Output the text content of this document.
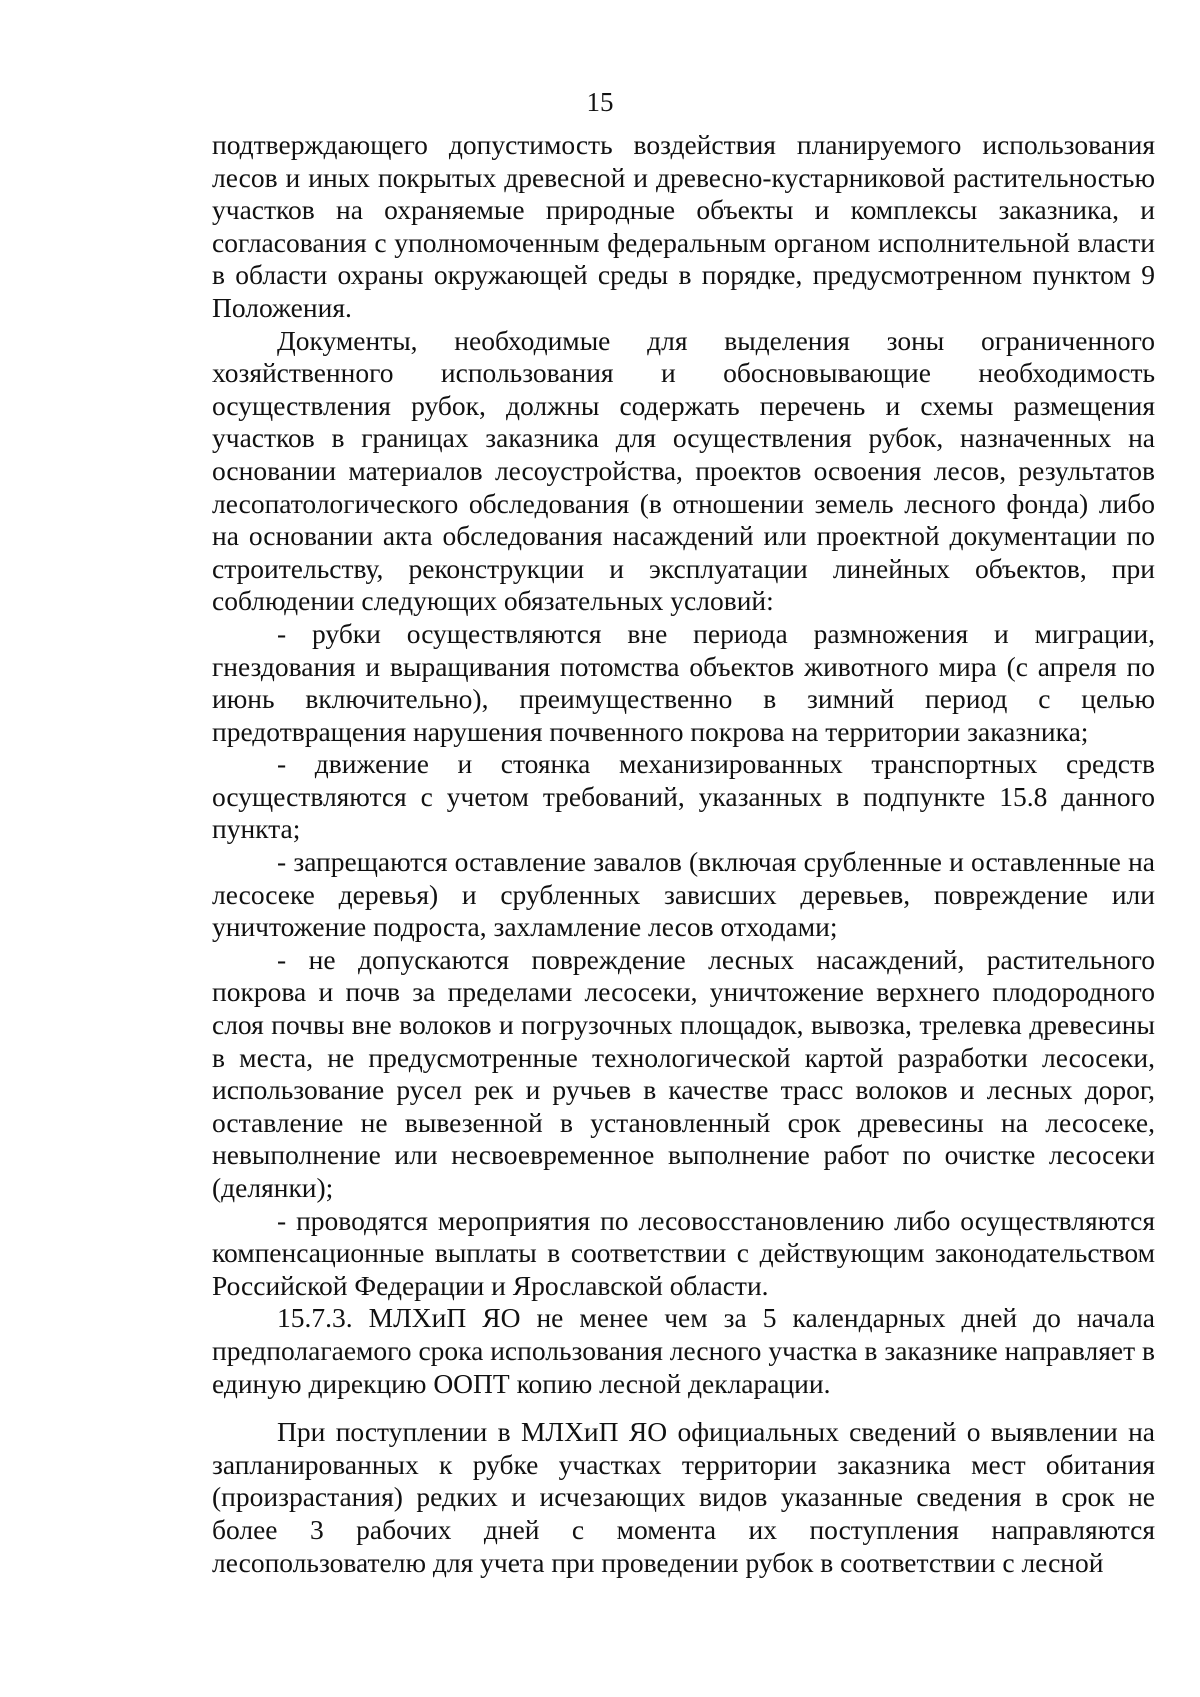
15

подтверждающего допустимость воздействия планируемого использования лесов и иных покрытых древесной и древесно-кустарниковой растительностью участков на охраняемые природные объекты и комплексы заказника, и согласования с уполномоченным федеральным органом исполнительной власти в области охраны окружающей среды в порядке, предусмотренном пунктом 9 Положения.

Документы, необходимые для выделения зоны ограниченного хозяйственного использования и обосновывающие необходимость осуществления рубок, должны содержать перечень и схемы размещения участков в границах заказника для осуществления рубок, назначенных на основании материалов лесоустройства, проектов освоения лесов, результатов лесопатологического обследования (в отношении земель лесного фонда) либо на основании акта обследования насаждений или проектной документации по строительству, реконструкции и эксплуатации линейных объектов, при соблюдении следующих обязательных условий:

- рубки осуществляются вне периода размножения и миграции, гнездования и выращивания потомства объектов животного мира (с апреля по июнь включительно), преимущественно в зимний период с целью предотвращения нарушения почвенного покрова на территории заказника;

- движение и стоянка механизированных транспортных средств осуществляются с учетом требований, указанных в подпункте 15.8 данного пункта;

- запрещаются оставление завалов (включая срубленные и оставленные на лесосеке деревья) и срубленных зависших деревьев, повреждение или уничтожение подроста, захламление лесов отходами;

- не допускаются повреждение лесных насаждений, растительного покрова и почв за пределами лесосеки, уничтожение верхнего плодородного слоя почвы вне волоков и погрузочных площадок, вывозка, трелевка древесины в места, не предусмотренные технологической картой разработки лесосеки, использование русел рек и ручьев в качестве трасс волоков и лесных дорог, оставление не вывезенной в установленный срок древесины на лесосеке, невыполнение или несвоевременное выполнение работ по очистке лесосеки (делянки);

- проводятся мероприятия по лесовосстановлению либо осуществляются компенсационные выплаты в соответствии с действующим законодательством Российской Федерации и Ярославской области.

15.7.3. МЛХиП ЯО не менее чем за 5 календарных дней до начала предполагаемого срока использования лесного участка в заказнике направляет в единую дирекцию ООПТ копию лесной декларации.

При поступлении в МЛХиП ЯО официальных сведений о выявлении на запланированных к рубке участках территории заказника мест обитания (произрастания) редких и исчезающих видов указанные сведения в срок не более 3 рабочих дней с момента их поступления направляются лесопользователю для учета при проведении рубок в соответствии с лесной
